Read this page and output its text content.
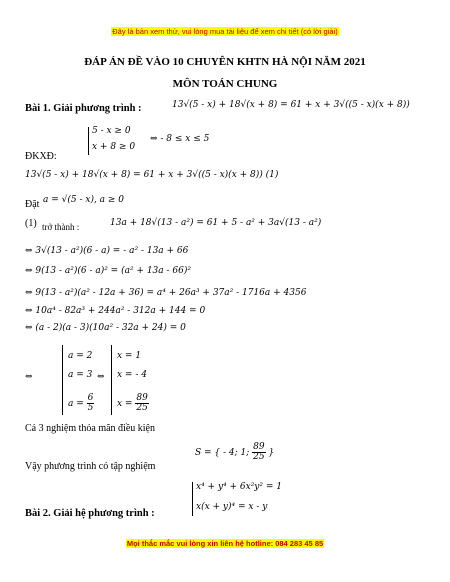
Đây là bản xem thử, vui lòng mua tài liệu để xem chi tiết (có lời giải)
ĐÁP ÁN ĐỀ VÀO 10 CHUYÊN KHTN HÀ NỘI NĂM 2021
MÔN TOÁN CHUNG
Bài 1. Giải phương trình :	13√(5 - x) + 18√(x + 8) = 61 + x + 3√((5 - x)(x + 8))
5 - x ≥ 0
x + 8 ≥ 0
⇔ - 8 ≤ x ≤ 5
ĐKXĐ:
13√(5 - x) + 18√(x + 8) = 61 + x + 3√((5 - x)(x + 8)) (1)
Đặt a = √(5 - x), a ≥ 0
(1) trở thành :	13a + 18√(13 - a²) = 61 + 5 - a² + 3a√(13 - a²)
⇔ 3√(13 - a²)(6 - a) = - a² - 13a + 66
⇔ 9(13 - a²)(6 - a)² = (a² + 13a - 66)²
⇔ 9(13 - a²)(a² - 12a + 36) = a⁴ + 26a³ + 37a² - 1716a + 4356
⇔ 10a⁴ - 82a³ + 244a² - 312a + 144 = 0
⇔ (a - 2)(a - 3)(10a² - 32a + 24) = 0
⇔
a = 2
a = 3
$a = \frac{6}{5}$
⇔
x = 1
x = - 4
$x = \frac{89}{25}$
Cả 3 nghiệm thỏa mãn điều kiện
S = { - 4; 1; $\frac{89}{25}$ }
Vậy phương trình có tập nghiệm
x⁴ + y⁴ + 6x²y² = 1
x(x + y)⁴ = x - y
Bài 2. Giải hệ phương trình :
Mọi thắc mắc vui lòng xin liên hệ hotline: 084 283 45 85
